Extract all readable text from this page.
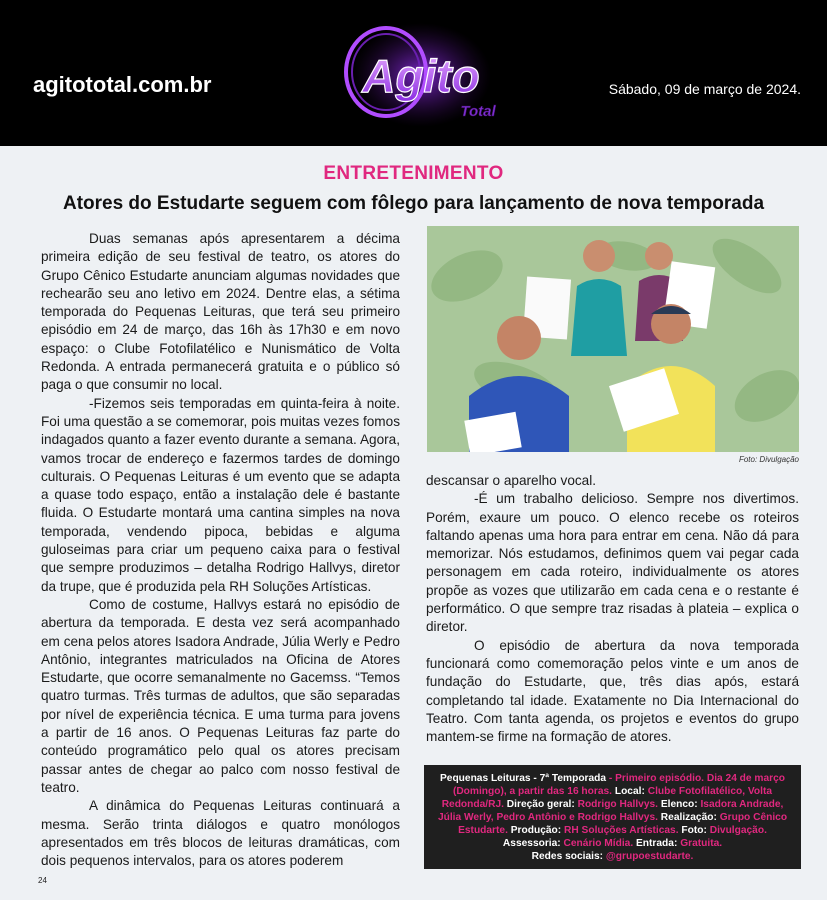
agitototal.com.br	Agito
Total
Sábado, 09 de março de 2024.
ENTRETENIMENTO
Atores do Estudarte seguem com fôlego para lançamento de nova temporada

Duas semanas após apresentarem a décima primeira edição de seu festival de teatro, os atores do Grupo Cênico Estudarte anunciam algumas novidades que rechearão seu ano letivo em 2024. Dentre elas, a sétima temporada do Pequenas Leituras, que terá seu primeiro episódio em 24 de março, das 16h às 17h30 e em novo espaço: o Clube Fotofilatélico e Nunismático de Volta Redonda. A entrada permanecerá gratuita e o público só paga o que consumir no local.

-Fizemos seis temporadas em quinta-feira à noite. Foi uma questão a se comemorar, pois muitas vezes fomos indagados quanto a fazer evento durante a semana. Agora, vamos trocar de endereço e fazermos tardes de domingo culturais. O Pequenas Leituras é um evento que se adapta a quase todo espaço, então a instalação dele é bastante fluida. O Estudarte montará uma cantina simples na nova temporada, vendendo pipoca, bebidas e alguma guloseimas para criar um pequeno caixa para o festival que sempre produzimos – detalha Rodrigo Hallvys, diretor da trupe, que é produzida pela RH Soluções Artísticas.

Como de costume, Hallvys estará no episódio de abertura da temporada. E desta vez será acompanhado em cena pelos atores Isadora Andrade, Júlia Werly e Pedro Antônio, integrantes matriculados na Oficina de Atores Estudarte, que ocorre semanalmente no Gacemss. “Temos quatro turmas. Três turmas de adultos, que são separadas por nível de experiência técnica. E uma turma para jovens a partir de 16 anos. O Pequenas Leituras faz parte do conteúdo programático pelo qual os atores precisam passar antes de chegar ao palco com nosso festival de teatro.

A dinâmica do Pequenas Leituras continuará a mesma. Serão trinta diálogos e quatro monólogos apresentados em três blocos de leituras dramáticas, com dois pequenos intervalos, para os atores poderem

Foto: Divulgação

descansar o aparelho vocal.

-É um trabalho delicioso. Sempre nos divertimos. Porém, exaure um pouco. O elenco recebe os roteiros faltando apenas uma hora para entrar em cena. Não dá para memorizar. Nós estudamos, definimos quem vai pegar cada personagem em cada roteiro, individualmente os atores propõe as vozes que utilizarão em cada cena e o restante é performático. O que sempre traz risadas à plateia – explica o diretor.

O episódio de abertura da nova temporada funcionará como comemoração pelos vinte e um anos de fundação do Estudarte, que, três dias após, estará completando tal idade. Exatamente no Dia Internacional do Teatro. Com tanta agenda, os projetos e eventos do grupo mantem-se firme na formação de atores.

Pequenas Leituras - 7ª Temporada - Primeiro episódio. Dia 24 de março (Domingo), a partir das 16 horas. Local: Clube Fotofilatélico, Volta Redonda/RJ. Direção geral: Rodrigo Hallvys. Elenco: Isadora Andrade, Júlia Werly, Pedro Antônio e Rodrigo Hallvys. Realização: Grupo Cênico Estudarte. Produção: RH Soluções Artísticas. Foto: Divulgação. Assessoria: Cenário Mídia. Entrada: Gratuita.
Redes sociais: @grupoestudarte.
24
